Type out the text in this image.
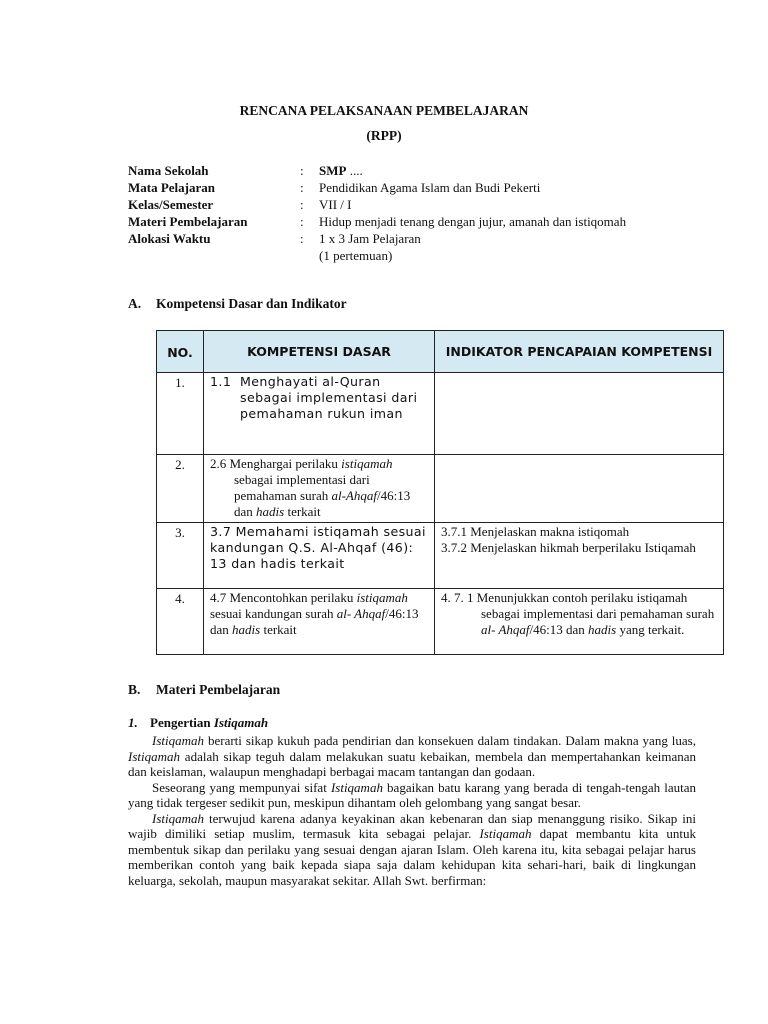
RENCANA PELAKSANAAN PEMBELAJARAN
(RPP)
Nama Sekolah	:	SMP ....
Mata Pelajaran	:	Pendidikan Agama Islam dan Budi Pekerti
Kelas/Semester	:	VII / I
Materi Pembelajaran	:	Hidup menjadi tenang dengan jujur, amanah dan istiqomah
Alokasi Waktu	:	1 x 3 Jam Pelajaran
(1 pertemuan)
A. Kompetensi Dasar dan Indikator
NO.	KOMPETENSI DASAR	INDIKATOR PENCAPAIAN KOMPETENSI
1.	1.1 Menghayati al-Quran sebagai implementasi dari pemahaman rukun iman	

2.	2.6 Menghargai perilaku istiqamah sebagai implementasi dari pemahaman surah al-Ahqaf/46:13 dan hadis terkait	

3.	3.7 Memahami istiqamah sesuai kandungan Q.S. Al-Ahqaf (46): 13 dan hadis terkait	3.7.1 Menjelaskan makna istiqomah
3.7.2 Menjelaskan hikmah berperilaku Istiqamah

4.	4.7 Mencontohkan perilaku istiqamah sesuai kandungan surah al- Ahqaf/46:13 dan hadis terkait	4. 7. 1 Menunjukkan contoh perilaku istiqamah sebagai implementasi dari pemahaman surah al- Ahqaf/46:13 dan hadis yang terkait.
B. Materi Pembelajaran
1. Pengertian Istiqamah

Istiqamah berarti sikap kukuh pada pendirian dan konsekuen dalam tindakan. Dalam makna yang luas, Istiqamah adalah sikap teguh dalam melakukan suatu kebaikan, membela dan mempertahankan keimanan dan keislaman, walaupun menghadapi berbagai macam tantangan dan godaan.

Seseorang yang mempunyai sifat Istiqamah bagaikan batu karang yang berada di tengah-tengah lautan yang tidak tergeser sedikit pun, meskipun dihantam oleh gelombang yang sangat besar.

Istiqamah terwujud karena adanya keyakinan akan kebenaran dan siap menanggung risiko. Sikap ini wajib dimiliki setiap muslim, termasuk kita sebagai pelajar. Istiqamah dapat membantu kita untuk membentuk sikap dan perilaku yang sesuai dengan ajaran Islam. Oleh karena itu, kita sebagai pelajar harus memberikan contoh yang baik kepada siapa saja dalam kehidupan kita sehari-hari, baik di lingkungan keluarga, sekolah, maupun masyarakat sekitar. Allah Swt. berfirman:
